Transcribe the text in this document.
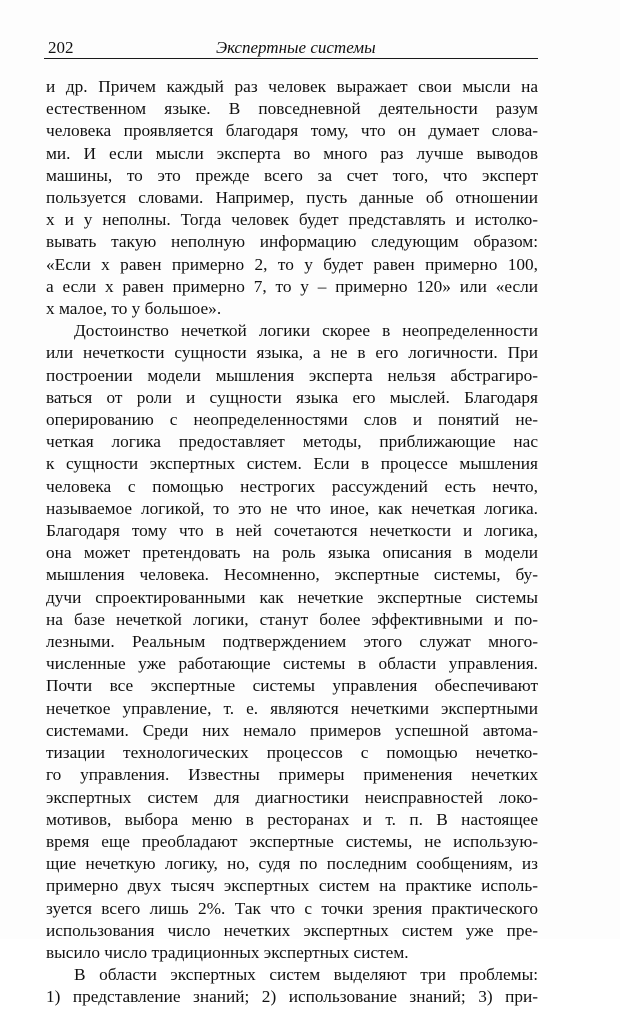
202	Экспертные системы

и др. Причем каждый раз человек выражает свои мысли на
естественном языке. В повседневной деятельности разум
человека проявляется благодаря тому, что он думает слова-
ми. И если мысли эксперта во много раз лучше выводов
машины, то это прежде всего за счет того, что эксперт
пользуется словами. Например, пусть данные об отношении
x и y неполны. Тогда человек будет представлять и истолко-
вывать такую неполную информацию следующим образом:
«Если x равен примерно 2, то y будет равен примерно 100,
а если x равен примерно 7, то y – примерно 120» или «если
x малое, то y большое».

Достоинство нечеткой логики скорее в неопределенности
или нечеткости сущности языка, а не в его логичности. При
построении модели мышления эксперта нельзя абстрагиро-
ваться от роли и сущности языка его мыслей. Благодаря
оперированию с неопределенностями слов и понятий не-
четкая логика предоставляет методы, приближающие нас
к сущности экспертных систем. Если в процессе мышления
человека с помощью нестрогих рассуждений есть нечто,
называемое логикой, то это не что иное, как нечеткая логика.
Благодаря тому что в ней сочетаются нечеткости и логика,
она может претендовать на роль языка описания в модели
мышления человека. Несомненно, экспертные системы, бу-
дучи спроектированными как нечеткие экспертные системы
на базе нечеткой логики, станут более эффективными и по-
лезными. Реальным подтверждением этого служат много-
численные уже работающие системы в области управления.
Почти все экспертные системы управления обеспечивают
нечеткое управление, т. е. являются нечеткими экспертными
системами. Среди них немало примеров успешной автома-
тизации технологических процессов с помощью нечетко-
го управления. Известны примеры применения нечетких
экспертных систем для диагностики неисправностей локо-
мотивов, выбора меню в ресторанах и т. п. В настоящее
время еще преобладают экспертные системы, не использую-
щие нечеткую логику, но, судя по последним сообщениям, из
примерно двух тысяч экспертных систем на практике исполь-
зуется всего лишь 2%. Так что с точки зрения практического
использования число нечетких экспертных систем уже пре-
высило число традиционных экспертных систем.

В области экспертных систем выделяют три проблемы:
1) представление знаний; 2) использование знаний; 3) при-
